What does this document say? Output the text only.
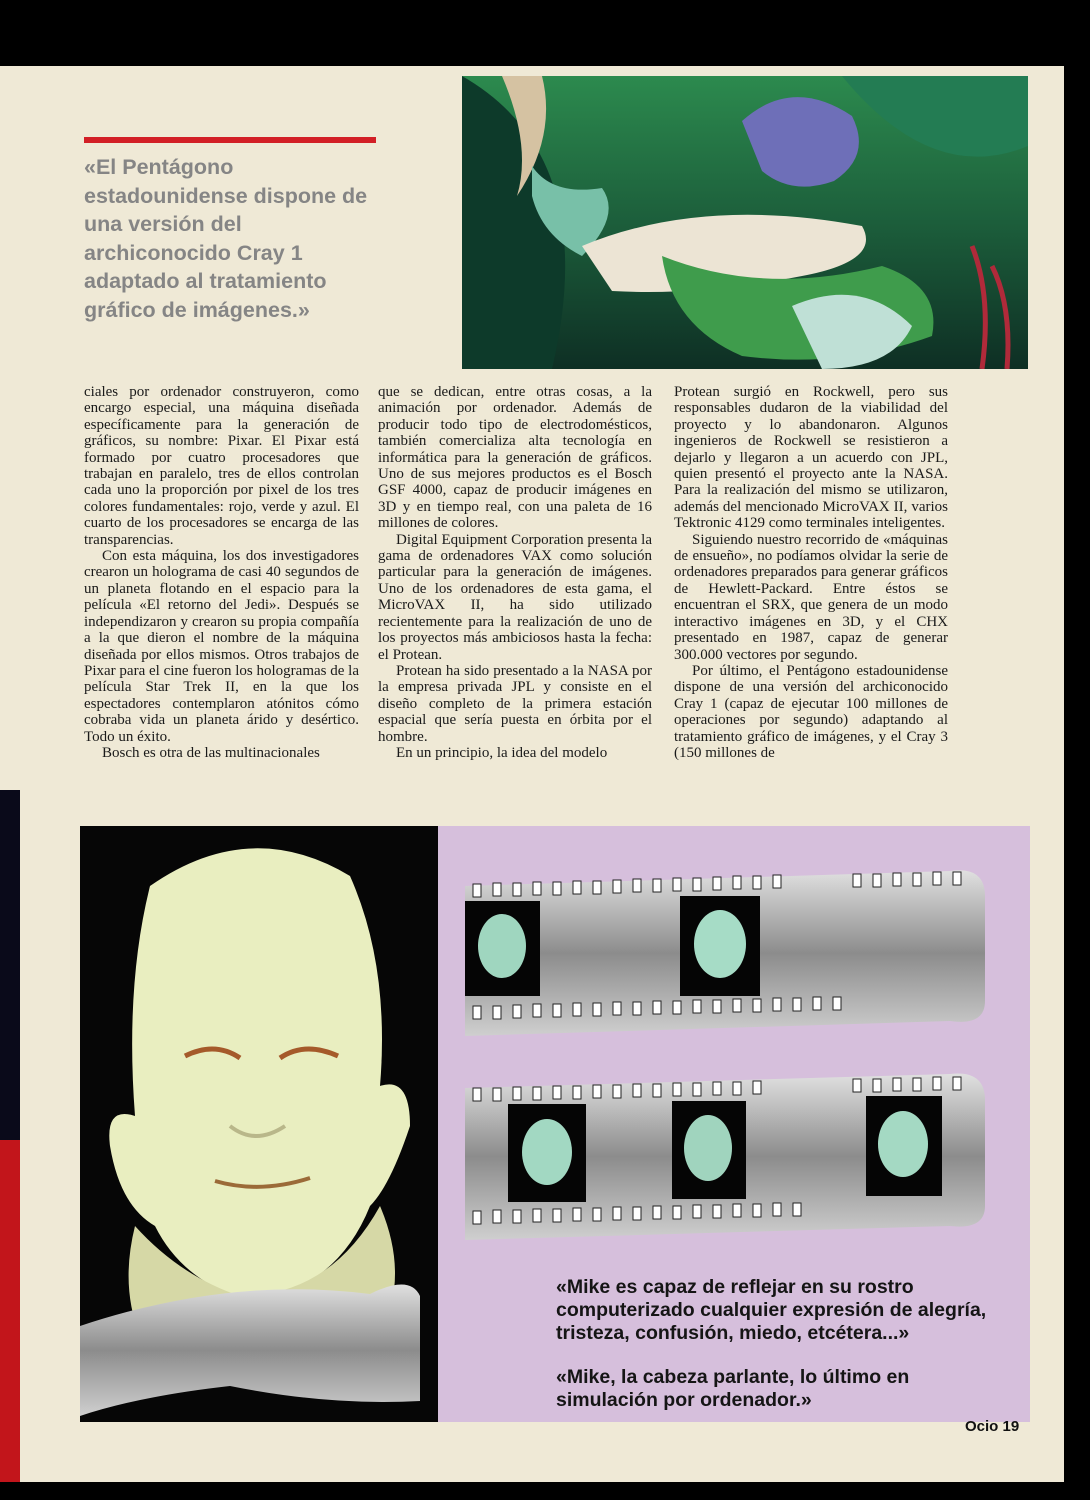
«El Pentágono estadounidense dispone de una versión del archiconocido Cray 1 adaptado al tratamiento gráfico de imágenes.»

ciales por ordenador construyeron, como encargo especial, una máquina diseñada específicamente para la generación de gráficos, su nombre: Pixar. El Pixar está formado por cuatro procesadores que trabajan en paralelo, tres de ellos controlan cada uno la proporción por pixel de los tres colores fundamentales: rojo, verde y azul. El cuarto de los procesadores se encarga de las transparencias.

Con esta máquina, los dos investigadores crearon un holograma de casi 40 segundos de un planeta flotando en el espacio para la película «El retorno del Jedi». Después se independizaron y crearon su propia compañía a la que dieron el nombre de la máquina diseñada por ellos mismos. Otros trabajos de Pixar para el cine fueron los hologramas de la película Star Trek II, en la que los espectadores contemplaron atónitos cómo cobraba vida un planeta árido y desértico. Todo un éxito.

Bosch es otra de las multinacionales

que se dedican, entre otras cosas, a la animación por ordenador. Además de producir todo tipo de electrodomésticos, también comercializa alta tecnología en informática para la generación de gráficos. Uno de sus mejores productos es el Bosch GSF 4000, capaz de producir imágenes en 3D y en tiempo real, con una paleta de 16 millones de colores.

Digital Equipment Corporation presenta la gama de ordenadores VAX como solución particular para la generación de imágenes. Uno de los ordenadores de esta gama, el MicroVAX II, ha sido utilizado recientemente para la realización de uno de los proyectos más ambiciosos hasta la fecha: el Protean.

Protean ha sido presentado a la NASA por la empresa privada JPL y consiste en el diseño completo de la primera estación espacial que sería puesta en órbita por el hombre.

En un principio, la idea del modelo

Protean surgió en Rockwell, pero sus responsables dudaron de la viabilidad del proyecto y lo abandonaron. Algunos ingenieros de Rockwell se resistieron a dejarlo y llegaron a un acuerdo con JPL, quien presentó el proyecto ante la NASA. Para la realización del mismo se utilizaron, además del mencionado MicroVAX II, varios Tektronic 4129 como terminales inteligentes.

Siguiendo nuestro recorrido de «máquinas de ensueño», no podíamos olvidar la serie de ordenadores preparados para generar gráficos de Hewlett-Packard. Entre éstos se encuentran el SRX, que genera de un modo interactivo imágenes en 3D, y el CHX presentado en 1987, capaz de generar 300.000 vectores por segundo.

Por último, el Pentágono estadounidense dispone de una versión del archiconocido Cray 1 (capaz de ejecutar 100 millones de operaciones por segundo) adaptando al tratamiento gráfico de imágenes, y el Cray 3 (150 millones de

«Mike es capaz de reflejar en su rostro computerizado cualquier expresión de alegría, tristeza, confusión, miedo, etcétera...»
«Mike, la cabeza parlante, lo último en simulación por ordenador.»
Ocio 19
